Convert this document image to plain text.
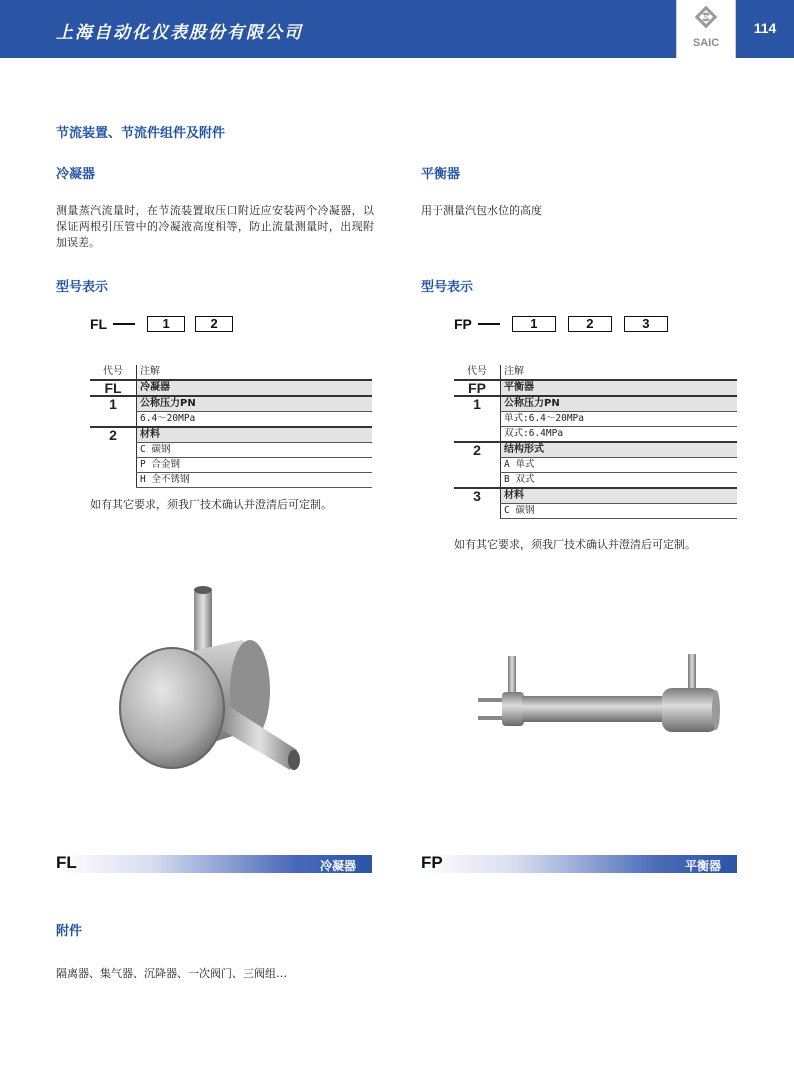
上海自动化仪表股份有限公司	SAIC
114
节流装置、节流件组件及附件
冷凝器
测量蒸汽流量时，在节流装置取压口附近应安装两个冷凝器，以保证两根引压管中的冷凝液高度相等，防止流量测量时，出现附加误差。
型号表示
FL	1	2
代号	注解
FL	冷凝器
1	公称压力PN
	6.4～20MPa
2	材料
	C 碳钢
	P 合金钢
	H 全不锈钢
如有其它要求，须我厂技术确认并澄清后可定制。
FL	冷凝器
平衡器
用于测量汽包水位的高度
型号表示
FP	1	2	3
代号	注解
FP	平衡器
1	公称压力PN
	单式:6.4～20MPa
	双式:6.4MPa
2	结构形式
	A 单式
	B 双式
3	材料
	C 碳钢
如有其它要求，须我厂技术确认并澄清后可定制。
FP	平衡器
附件
隔离器、集气器、沉降器、一次阀门、三阀组…
